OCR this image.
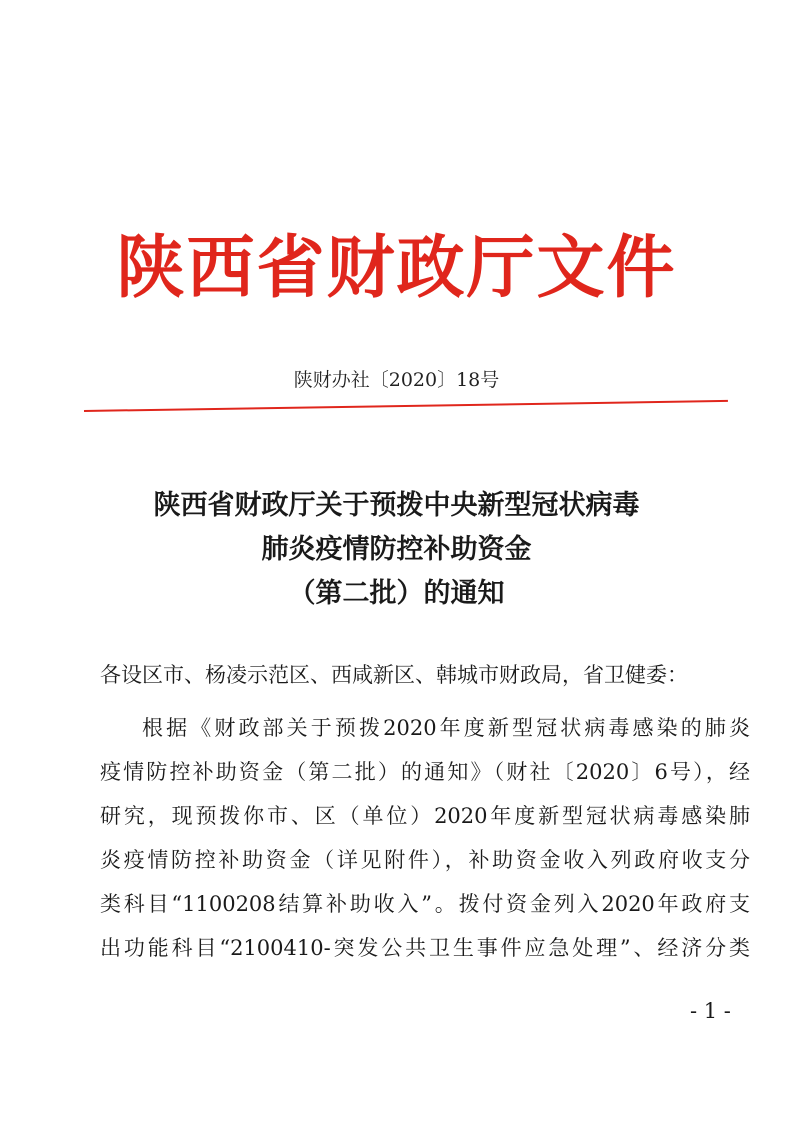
陕西省财政厅文件
陕财办社〔2020〕18号
陕西省财政厅关于预拨中央新型冠状病毒
肺炎疫情防控补助资金
（第二批）的通知
各设区市、杨凌示范区、西咸新区、韩城市财政局，省卫健委：
根据《财政部关于预拨2020年度新型冠状病毒感染的肺炎
疫情防控补助资金（第二批）的通知》（财社〔2020〕6号），经
研究，现预拨你市、区（单位）2020年度新型冠状病毒感染肺
炎疫情防控补助资金（详见附件），补助资金收入列政府收支分
类科目“1100208结算补助收入”。拨付资金列入2020年政府支
出功能科目“2100410-突发公共卫生事件应急处理”、经济分类
- 1 -
